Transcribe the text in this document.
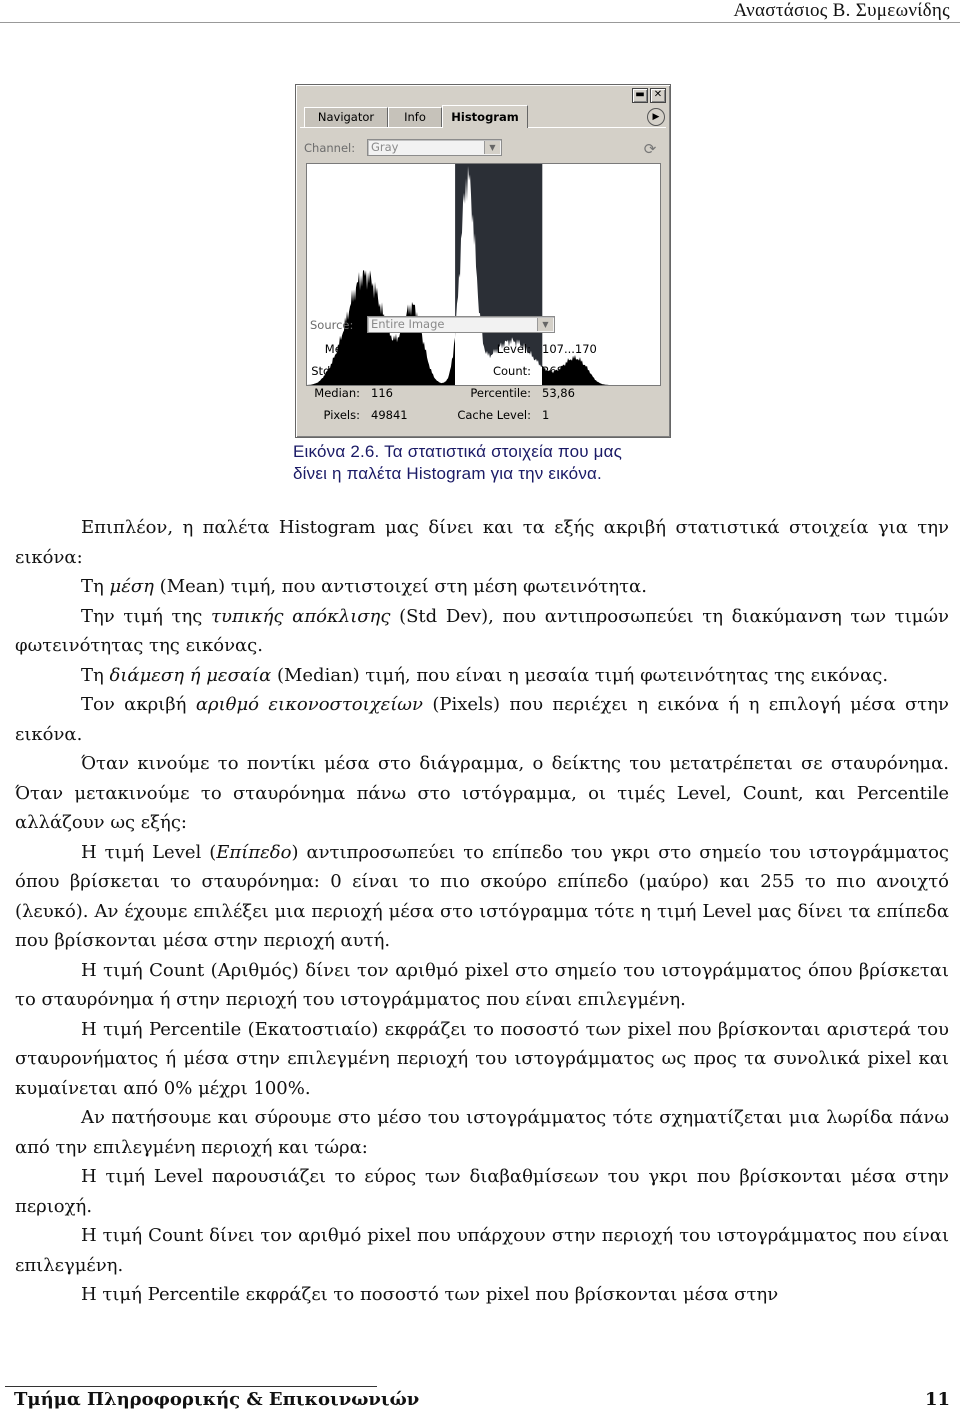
Αναστάσιος Β. Συμεωνίδης
▬ ✕
Navigator	Info	Histogram	▶
Channel:	Gray	▼	⟳
Source:	Entire Image	▼
Mean: 121,17
Std Dev: 32,01
Median: 116
Pixels: 49841
Level: 107...170
Count: 26844
Percentile: 53,86
Cache Level: 1
Εικόνα 2.6. Τα στατιστικά στοιχεία που μας
δίνει η παλέτα Histogram για την εικόνα.

Επιπλέον, η παλέτα Histogram μας δίνει και τα εξής ακριβή στατιστικά στοιχεία για την εικόνα:

Τη μέση (Mean) τιμή, που αντιστοιχεί στη μέση φωτεινότητα.

Την τιμή της τυπικής απόκλισης (Std Dev), που αντιπροσωπεύει τη διακύμανση των τιμών φωτεινότητας της εικόνας.

Τη διάμεση ή μεσαία (Median) τιμή, που είναι η μεσαία τιμή φωτεινότητας της εικόνας.

Τον ακριβή αριθμό εικονοστοιχείων (Pixels) που περιέχει η εικόνα ή η επιλογή μέσα στην εικόνα.

Όταν κινούμε το ποντίκι μέσα στο διάγραμμα, ο δείκτης του μετατρέπεται σε σταυρόνημα. Όταν μετακινούμε το σταυρόνημα πάνω στο ιστόγραμμα, οι τιμές Level, Count, και Percentile αλλάζουν ως εξής:

Η τιμή Level (Επίπεδο) αντιπροσωπεύει το επίπεδο του γκρι στο σημείο του ιστογράμματος όπου βρίσκεται το σταυρόνημα: 0 είναι το πιο σκούρο επίπεδο (μαύρο) και 255 το πιο ανοιχτό (λευκό). Αν έχουμε επιλέξει μια περιοχή μέσα στο ιστόγραμμα τότε η τιμή Level μας δίνει τα επίπεδα που βρίσκονται μέσα στην περιοχή αυτή.

Η τιμή Count (Αριθμός) δίνει τον αριθμό pixel στο σημείο του ιστογράμματος όπου βρίσκεται το σταυρόνημα ή στην περιοχή του ιστογράμματος που είναι επιλεγμένη.

Η τιμή Percentile (Εκατοστιαίο) εκφράζει το ποσοστό των pixel που βρίσκονται αριστερά του σταυρονήματος ή μέσα στην επιλεγμένη περιοχή του ιστογράμματος ως προς τα συνολικά pixel και κυμαίνεται από 0% μέχρι 100%.

Αν πατήσουμε και σύρουμε στο μέσο του ιστογράμματος τότε σχηματίζεται μια λωρίδα πάνω από την επιλεγμένη περιοχή και τώρα:

Η τιμή Level παρουσιάζει το εύρος των διαβαθμίσεων του γκρι που βρίσκονται μέσα στην περιοχή.

Η τιμή Count δίνει τον αριθμό pixel που υπάρχουν στην περιοχή του ιστογράμματος που είναι επιλεγμένη.

Η τιμή Percentile εκφράζει το ποσοστό των pixel που βρίσκονται μέσα στην

Τμήμα Πληροφορικής & Επικοινωνιών	11
